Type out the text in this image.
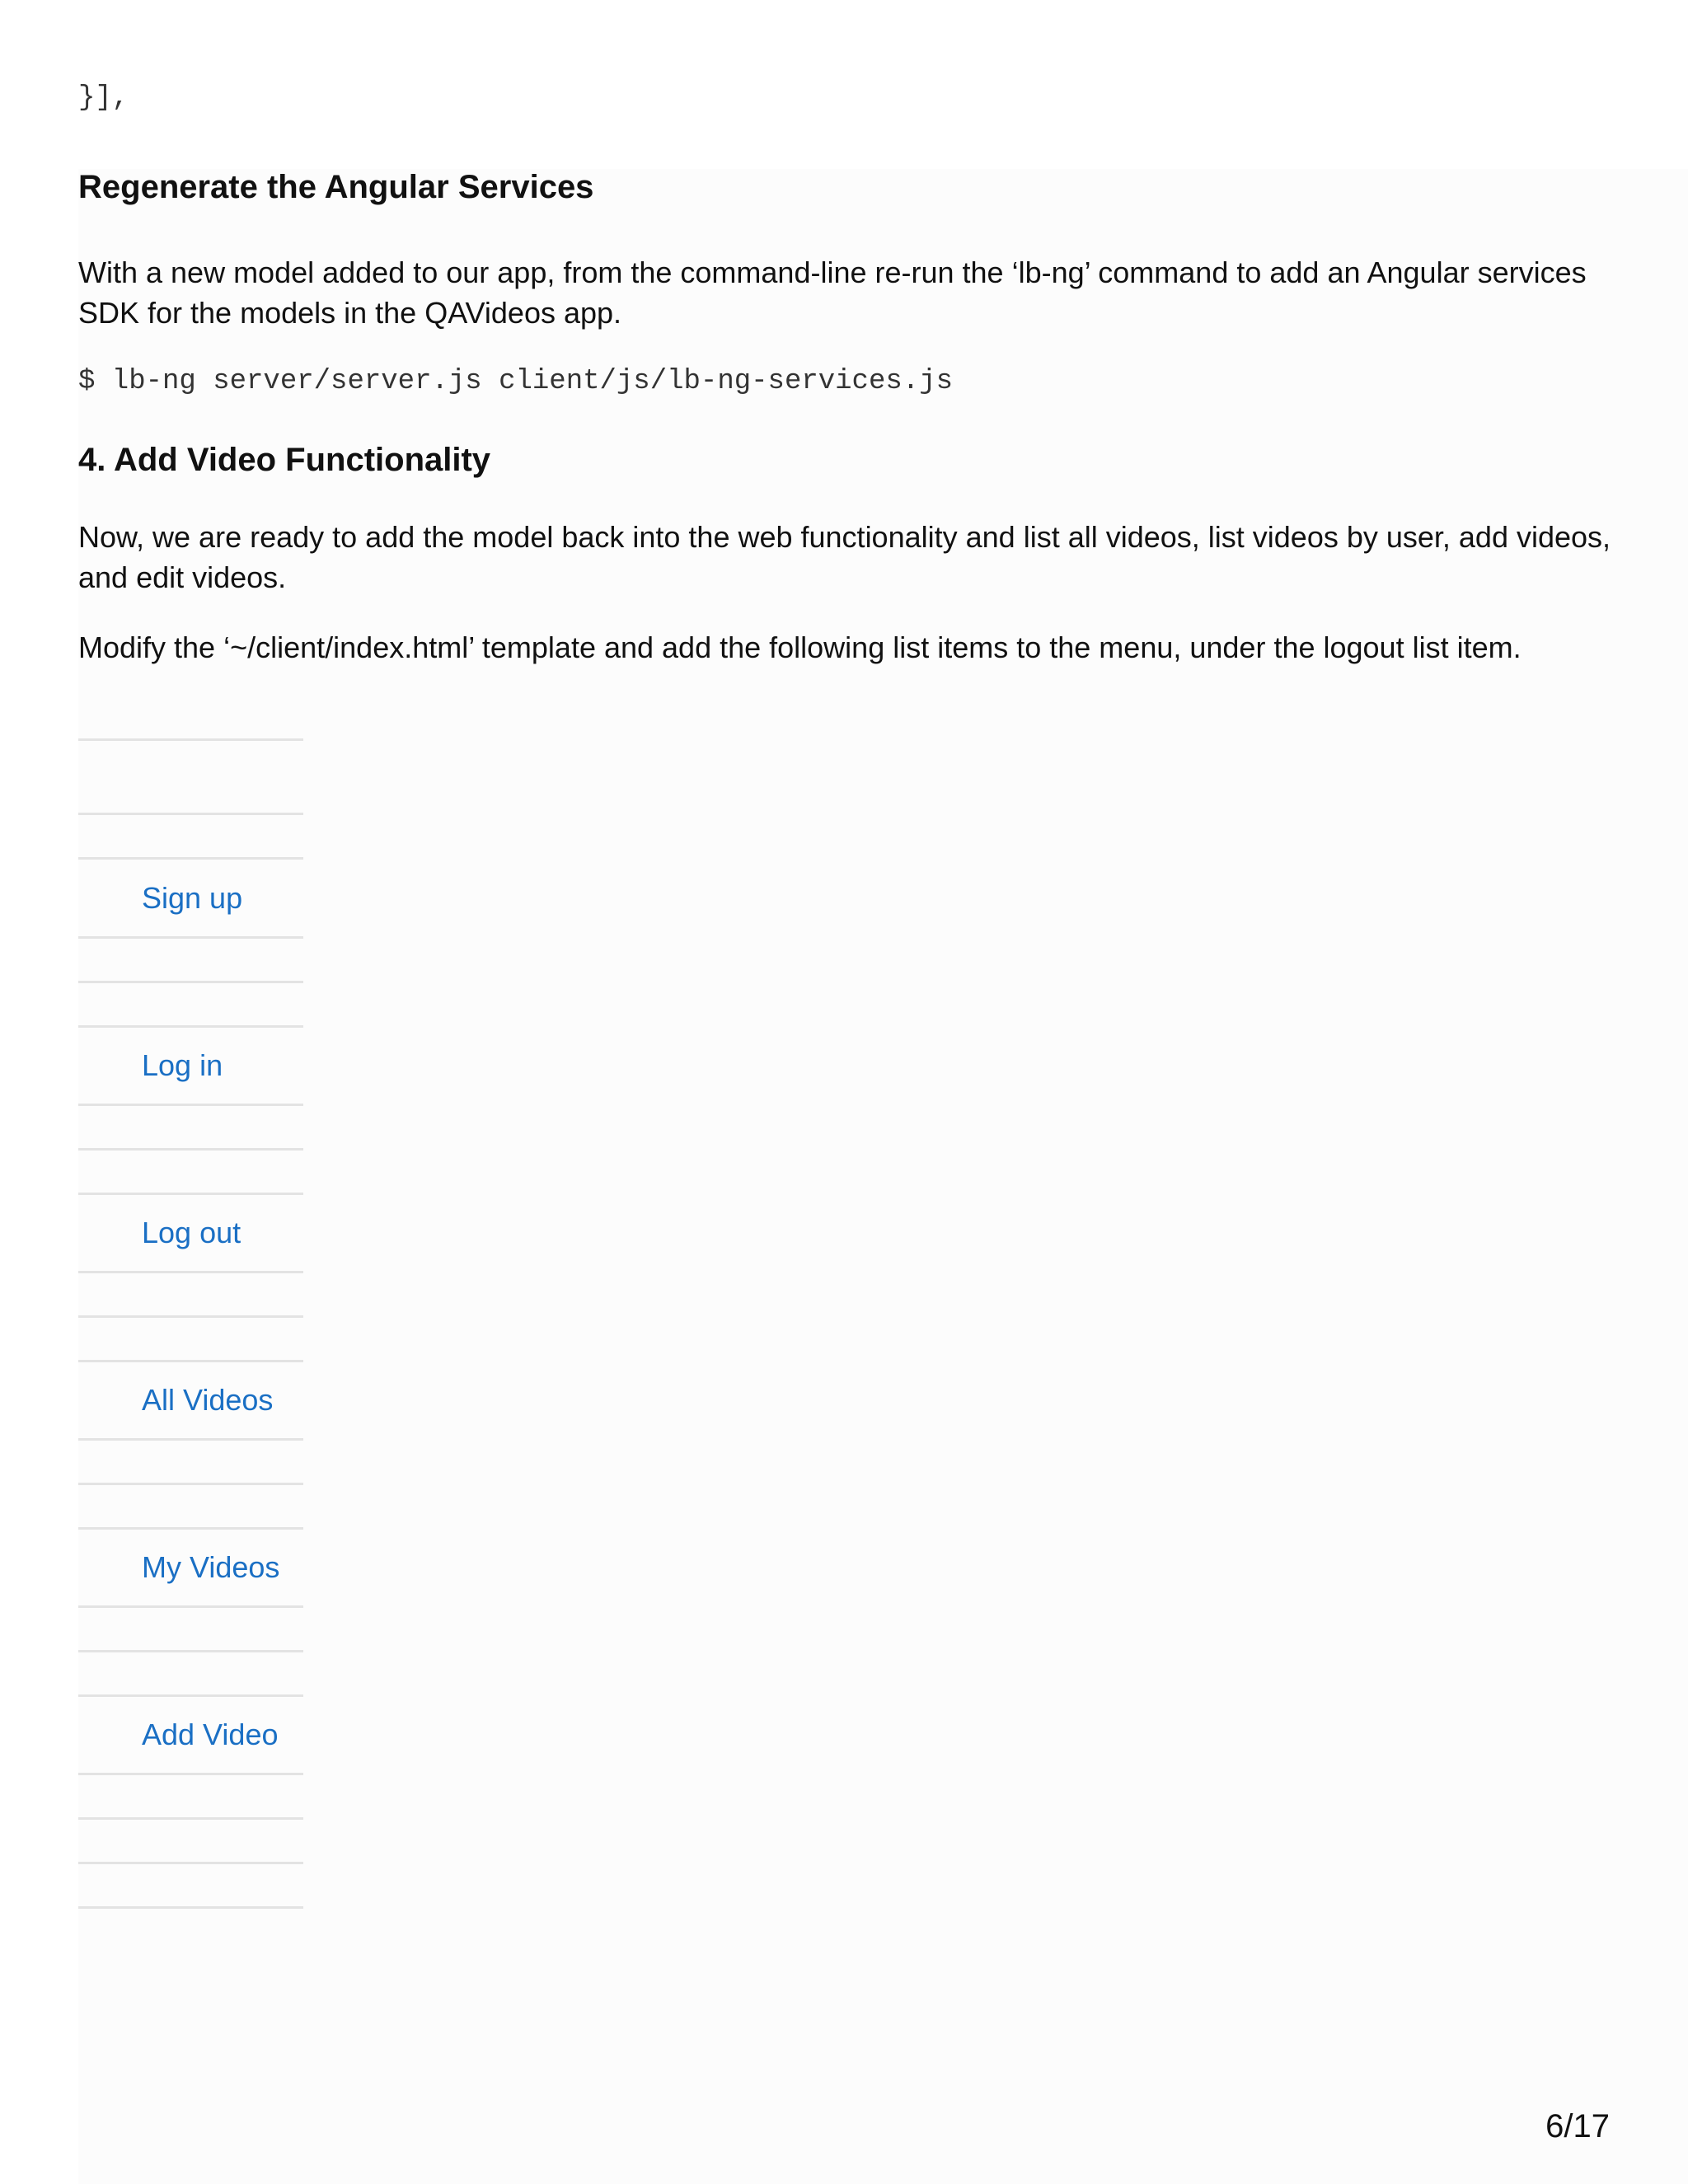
}],

Regenerate the Angular Services

With a new model added to our app, from the command-line re-run the ‘lb-ng’ command to add an Angular services SDK for the models in the QAVideos app.

$ lb-ng server/server.js client/js/lb-ng-services.js

4. Add Video Functionality

Now, we are ready to add the model back into the web functionality and list all videos, list videos by user, add videos, and edit videos.

Modify the ‘~/client/index.html’ template and add the following list items to the menu, under the logout list item.

Sign up
Log in
Log out
All Videos
My Videos
Add Video

6/17
